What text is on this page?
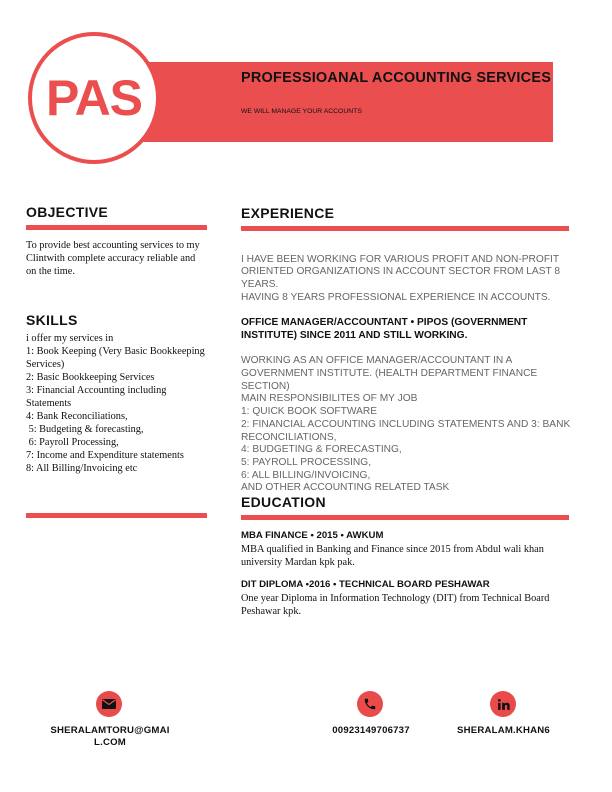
PROFESSIOANAL ACCOUNTING SERVICES
WE WILL MANAGE YOUR ACCOUNTS
PAS
OBJECTIVE
To provide best accounting services to my Clintwith complete accuracy reliable and on the time.
SKILLS
i offer my services in
1: Book Keeping (Very Basic Bookkeeping Services)
2: Basic Bookkeeping Services
3: Financial Accounting including Statements
4: Bank Reconciliations,
5: Budgeting & forecasting,
6: Payroll Processing,
7: Income and Expenditure statements
8: All Billing/Invoicing etc
EXPERIENCE

I HAVE BEEN WORKING FOR VARIOUS PROFIT AND NON-PROFIT ORIENTED ORGANIZATIONS IN ACCOUNT SECTOR FROM LAST 8 YEARS.
HAVING 8 YEARS PROFESSIONAL EXPERIENCE IN ACCOUNTS.

OFFICE MANAGER/ACCOUNTANT • PIPOS (GOVERNMENT INSTITUTE) SINCE 2011 AND STILL WORKING.

WORKING AS AN OFFICE MANAGER/ACCOUNTANT IN A GOVERNMENT INSTITUTE. (HEALTH DEPARTMENT FINANCE SECTION)
MAIN RESPONSIBILITES OF MY JOB
1: QUICK BOOK SOFTWARE
2: FINANCIAL ACCOUNTING INCLUDING STATEMENTS AND 3: BANK RECONCILIATIONS,
4: BUDGETING & FORECASTING,
5: PAYROLL PROCESSING,
6: ALL BILLING/INVOICING,
AND OTHER ACCOUNTING RELATED TASK

EDUCATION
MBA FINANCE • 2015 • AWKUM
MBA qualified in Banking and Finance since 2015 from Abdul wali khan university Mardan kpk pak.
DIT DIPLOMA •2016 • TECHNICAL BOARD PESHAWAR
One year Diploma in Information Technology (DIT) from Technical Board Peshawar kpk.
SHERALAMTORU@GMAI
L.COM
00923149706737	SHERALAM.KHAN6
